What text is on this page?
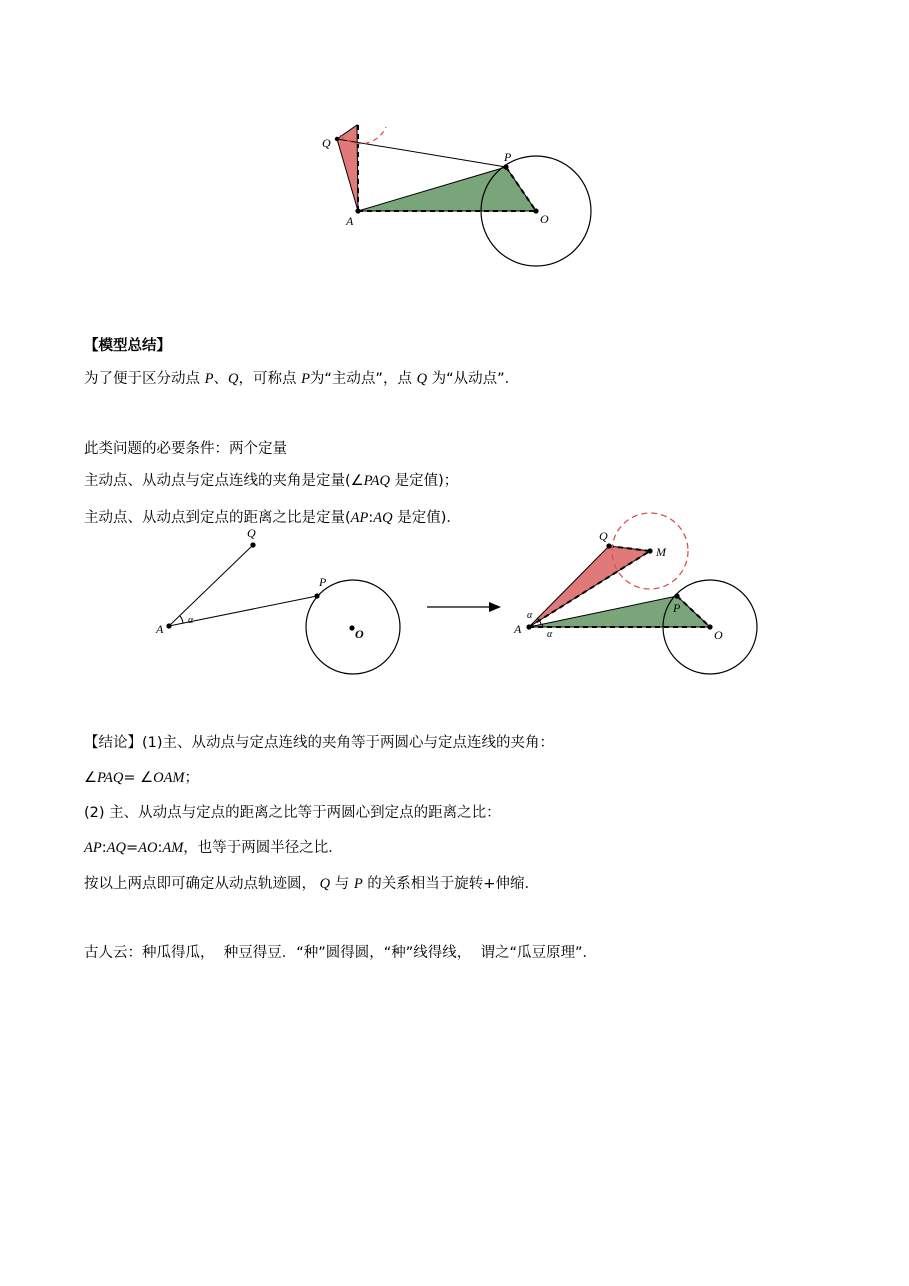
Q
P
A	O
【模型总结】
为了便于区分动点 P、Q，可称点 P为“主动点”，点 Q 为“从动点”．
此类问题的必要条件：两个定量
主动点、从动点与定点连线的夹角是定量(∠PAQ 是定值)；
主动点、从动点到定点的距离之比是定量(AP:AQ 是定值)．
Q
P
A	O
α
Q
M
P
A	O
α
α
【结论】(1)主、从动点与定点连线的夹角等于两圆心与定点连线的夹角：
∠PAQ= ∠OAM；
(2) 主、从动点与定点的距离之比等于两圆心到定点的距离之比：
AP:AQ=AO:AM，也等于两圆半径之比．
按以上两点即可确定从动点轨迹圆， Q 与 P 的关系相当于旋转+伸缩．
古人云：种瓜得瓜，  种豆得豆．“种”圆得圆，“种”线得线，  谓之“瓜豆原理”．
